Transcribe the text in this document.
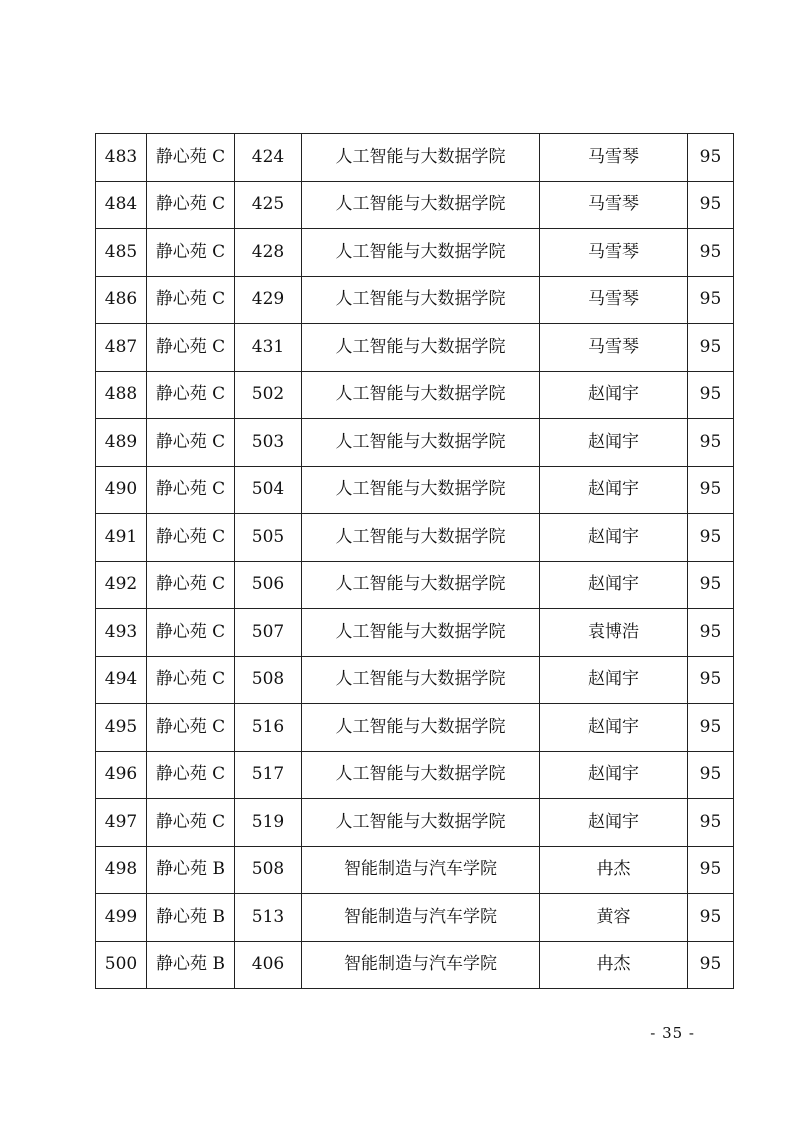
483	静心苑 C	424	人工智能与大数据学院	马雪琴	95
484	静心苑 C	425	人工智能与大数据学院	马雪琴	95
485	静心苑 C	428	人工智能与大数据学院	马雪琴	95
486	静心苑 C	429	人工智能与大数据学院	马雪琴	95
487	静心苑 C	431	人工智能与大数据学院	马雪琴	95
488	静心苑 C	502	人工智能与大数据学院	赵闻宇	95
489	静心苑 C	503	人工智能与大数据学院	赵闻宇	95
490	静心苑 C	504	人工智能与大数据学院	赵闻宇	95
491	静心苑 C	505	人工智能与大数据学院	赵闻宇	95
492	静心苑 C	506	人工智能与大数据学院	赵闻宇	95
493	静心苑 C	507	人工智能与大数据学院	袁博浩	95
494	静心苑 C	508	人工智能与大数据学院	赵闻宇	95
495	静心苑 C	516	人工智能与大数据学院	赵闻宇	95
496	静心苑 C	517	人工智能与大数据学院	赵闻宇	95
497	静心苑 C	519	人工智能与大数据学院	赵闻宇	95
498	静心苑 B	508	智能制造与汽车学院	冉杰	95
499	静心苑 B	513	智能制造与汽车学院	黄容	95
500	静心苑 B	406	智能制造与汽车学院	冉杰	95
- 35 -
